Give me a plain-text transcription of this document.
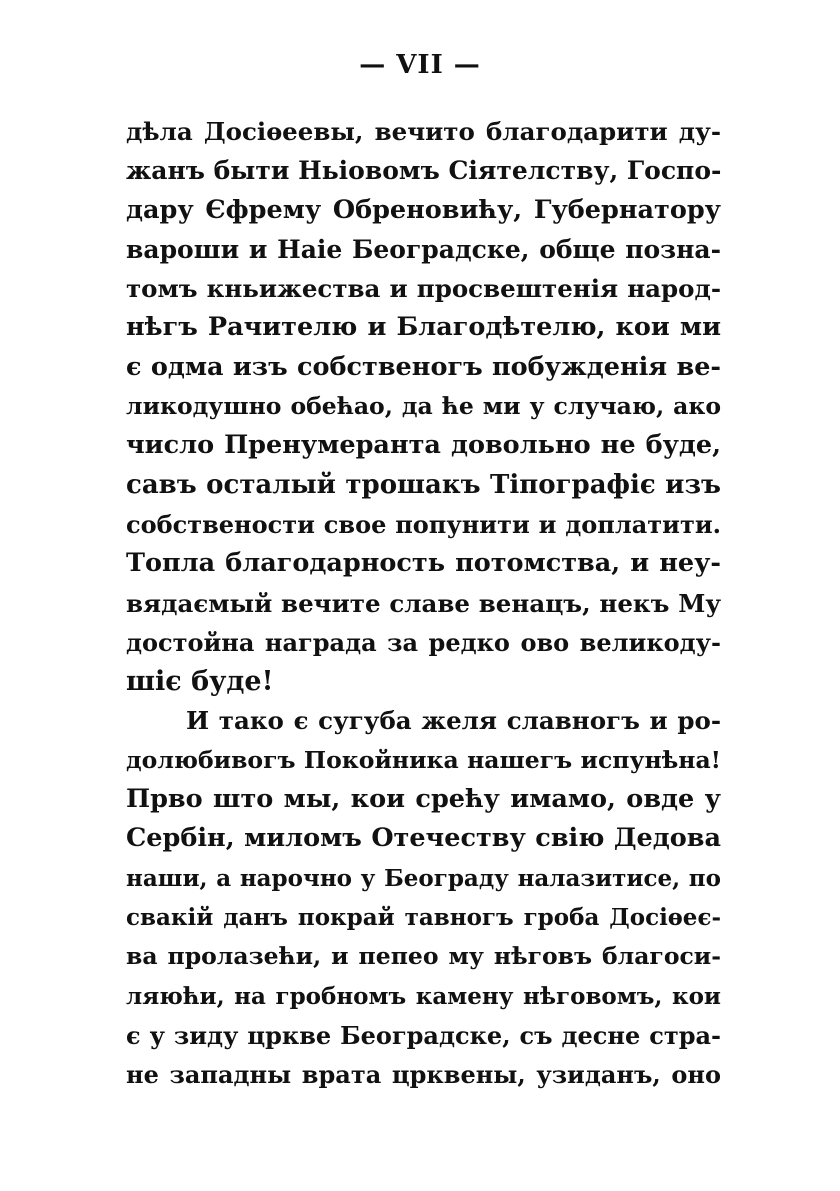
— VII —
дѣла Досіѳеевы, вечито благодарити ду-
жанъ быти Ньіовомъ Сіятелству, Госпо-
дару Єфрему Обреновићу, Губернатору
вароши и Наіе Београдске, обще позна-
томъ кньижества и просвештенія народ-
нѣгъ Рачителю и Благодѣтелю, кои ми
є одма изъ собственогъ побужденія ве-
ликодушно обећао, да ће ми у случаю, ако
число Пренумеранта довольно не буде,
савъ осталый трошакъ Тіпографіє изъ
собствености свое попунити и доплатити.
Топла благодарность потомства, и неу-
вядаємый вечите славе венацъ, некъ Му
достойна награда за редко ово великоду-
шіє буде!
И тако є сугуба желя славногъ и ро-
долюбивогъ Покойника нашегъ испунѣна!
Прво што мы, кои срећу имамо, овде у
Сербін, миломъ Отечеству свію Дедова
наши, а нарочно у Београду налазитисе, по
свакій данъ покрай тавногъ гроба Досіѳеє-
ва пролазећи, и пепео му нѣговъ благоси-
ляюћи, на гробномъ камену нѣговомъ, кои
є у зиду цркве Београдске, съ десне стра-
не западны врата црквены, узиданъ, оно
